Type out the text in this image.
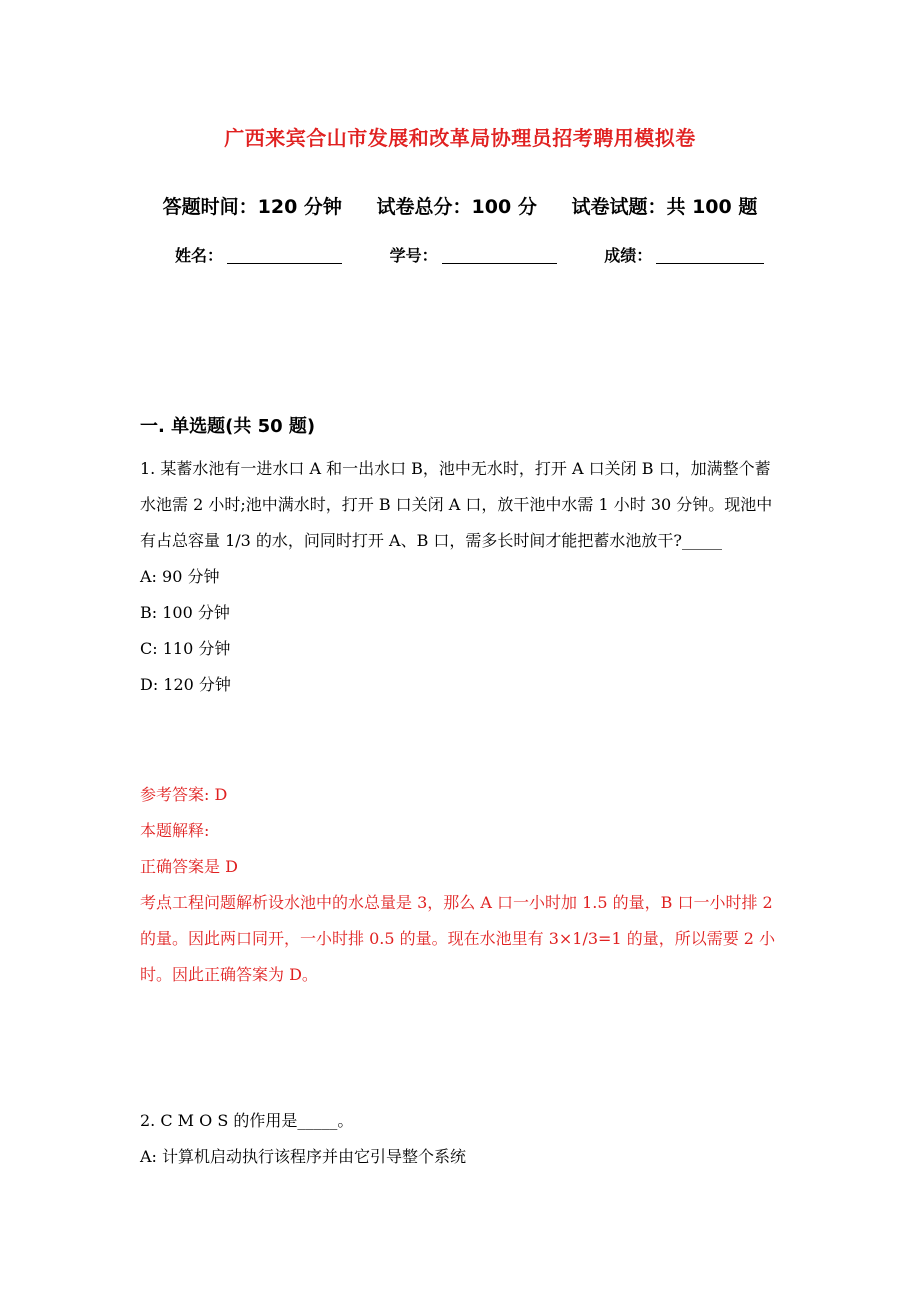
广西来宾合山市发展和改革局协理员招考聘用模拟卷
答题时间：120 分钟 试卷总分：100 分 试卷试题：共 100 题
姓名：	学号：	成绩：
一. 单选题(共 50 题)

1. 某蓄水池有一进水口 A 和一出水口 B，池中无水时，打开 A 口关闭 B 口，加满整个蓄水池需 2 小时;池中满水时，打开 B 口关闭 A 口，放干池中水需 1 小时 30 分钟。现池中有占总容量 1/3 的水，问同时打开 A、B 口，需多长时间才能把蓄水池放干?_____

A: 90 分钟

B: 100 分钟

C: 110 分钟

D: 120 分钟

参考答案: D

本题解释:

正确答案是 D

考点工程问题解析设水池中的水总量是 3，那么 A 口一小时加 1.5 的量，B 口一小时排 2 的量。因此两口同开，一小时排 0.5 的量。现在水池里有 3×1/3=1 的量，所以需要 2 小时。因此正确答案为 D。

2. C M O S 的作用是_____。

A: 计算机启动执行该程序并由它引导整个系统
